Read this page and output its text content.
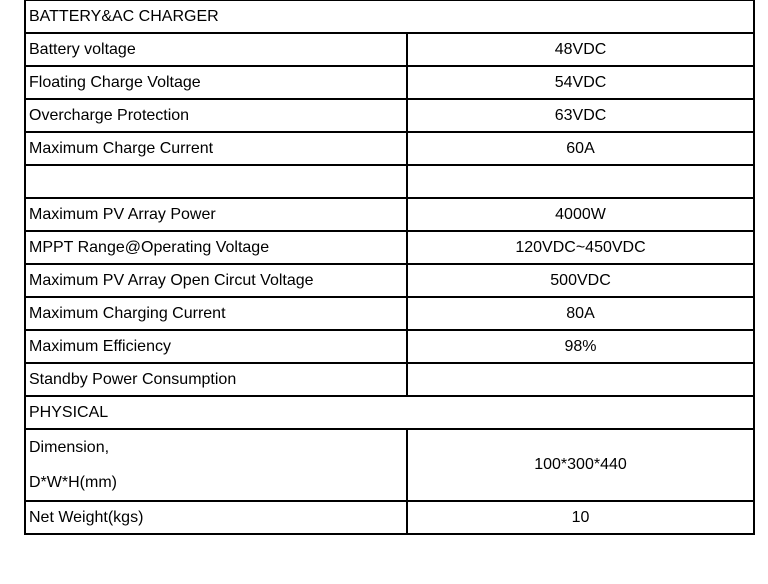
BATTERY&AC CHARGER	
Battery voltage	48VDC
Floating Charge Voltage	54VDC
Overcharge Protection	63VDC
Maximum Charge Current	60A

Maximum PV Array Power	4000W
MPPT Range@Operating Voltage	120VDC~450VDC
Maximum PV Array Open Circut Voltage	500VDC
Maximum Charging Current	80A
Maximum Efficiency	98%
Standby Power Consumption	
PHYSICAL	

Dimension,
D*W*H(mm)	100*300*440
Net Weight(kgs)	10
